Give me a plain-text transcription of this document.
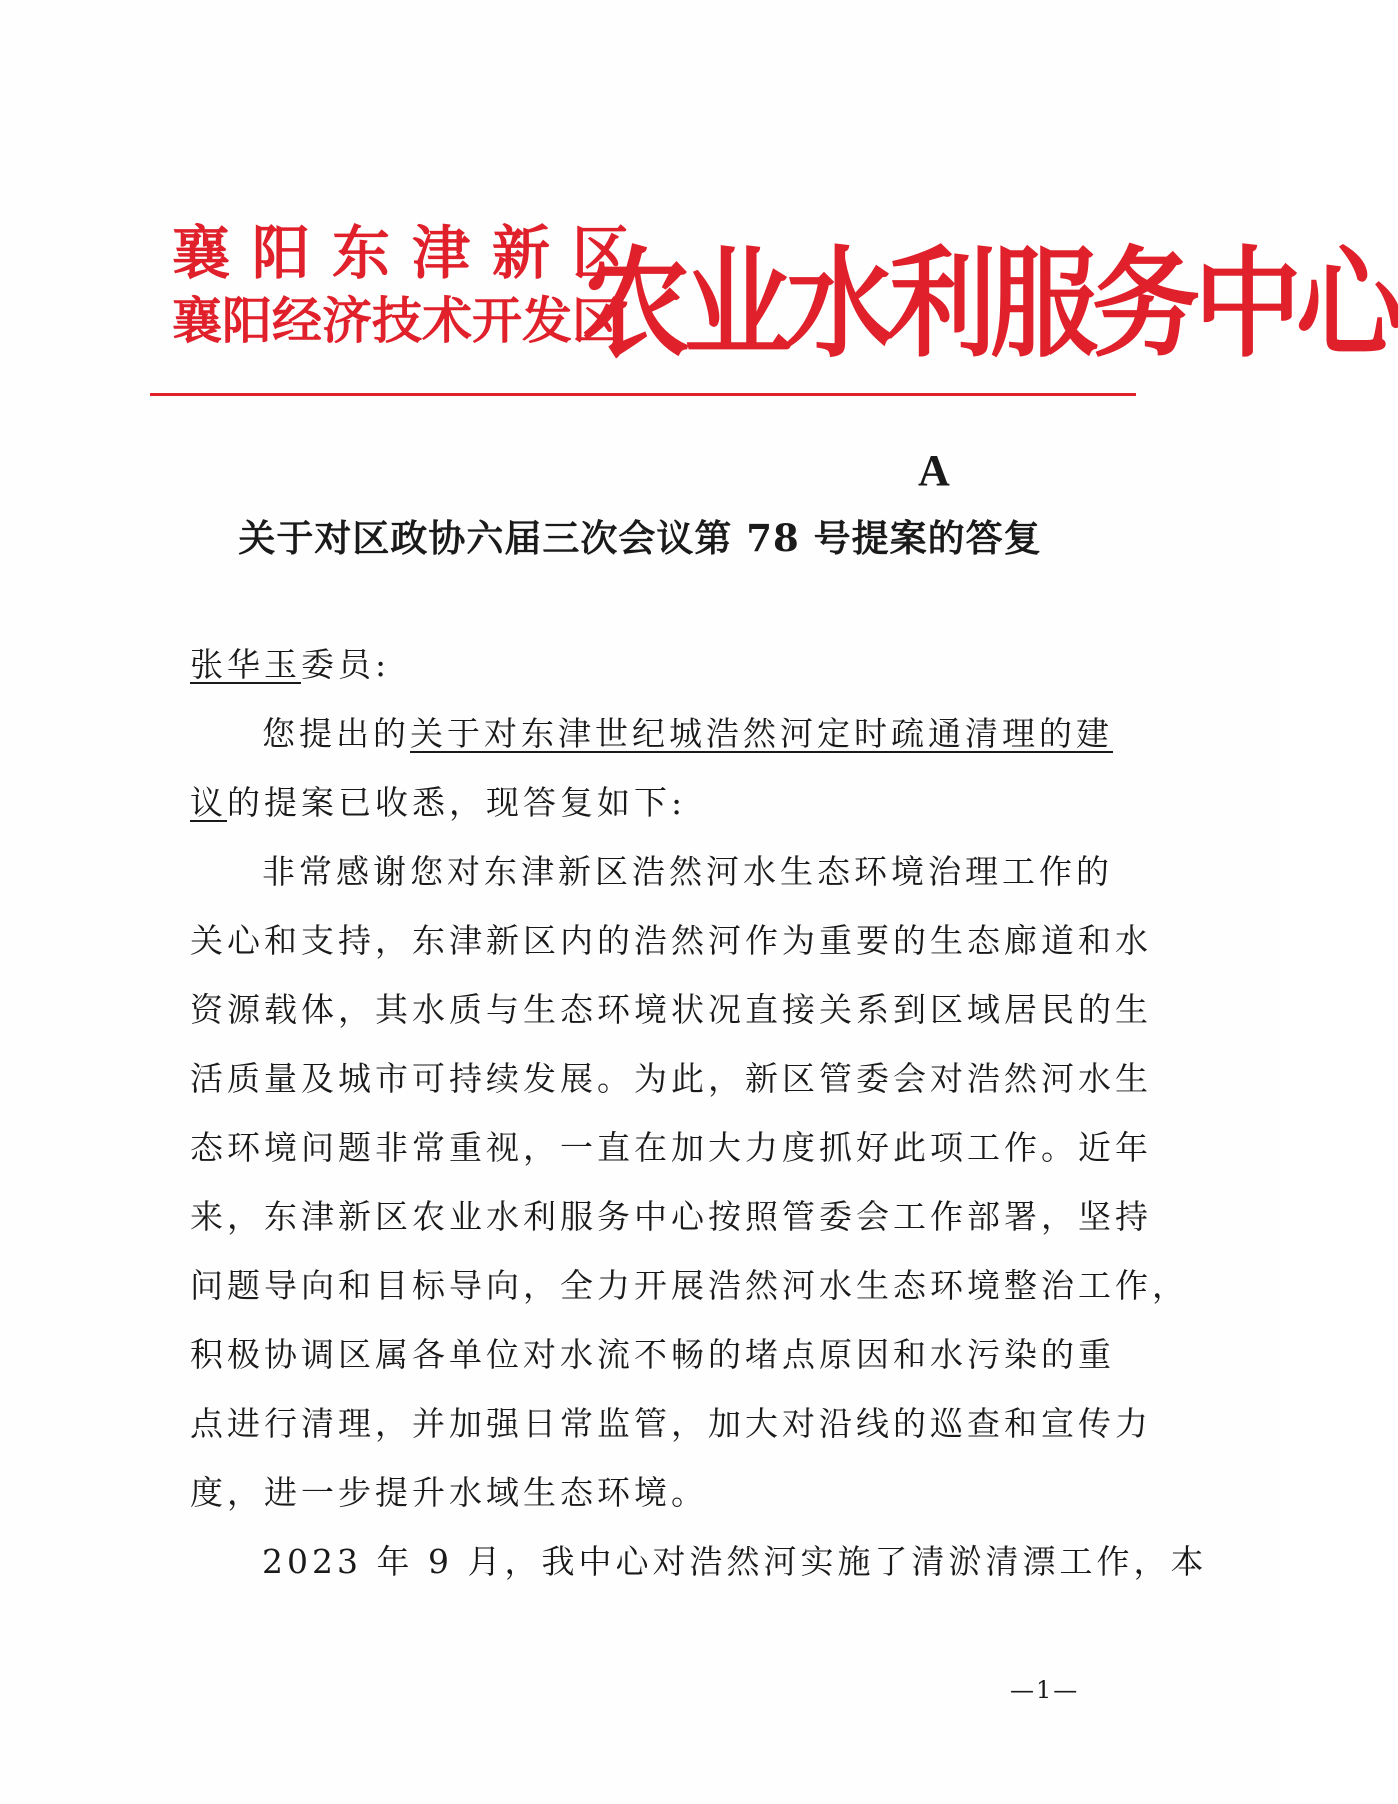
襄阳东津新区
襄阳经济技术开发区
农业水利服务中心
A
关于对区政协六届三次会议第 78 号提案的答复
张华玉委员:
您提出的关于对东津世纪城浩然河定时疏通清理的建
议的提案已收悉，现答复如下:
非常感谢您对东津新区浩然河水生态环境治理工作的
关心和支持，东津新区内的浩然河作为重要的生态廊道和水
资源载体，其水质与生态环境状况直接关系到区域居民的生
活质量及城市可持续发展。为此，新区管委会对浩然河水生
态环境问题非常重视，一直在加大力度抓好此项工作。近年
来，东津新区农业水利服务中心按照管委会工作部署，坚持
问题导向和目标导向，全力开展浩然河水生态环境整治工作，
积极协调区属各单位对水流不畅的堵点原因和水污染的重
点进行清理，并加强日常监管，加大对沿线的巡查和宣传力
度，进一步提升水域生态环境。
2023 年 9 月，我中心对浩然河实施了清淤清漂工作，本
—1—
